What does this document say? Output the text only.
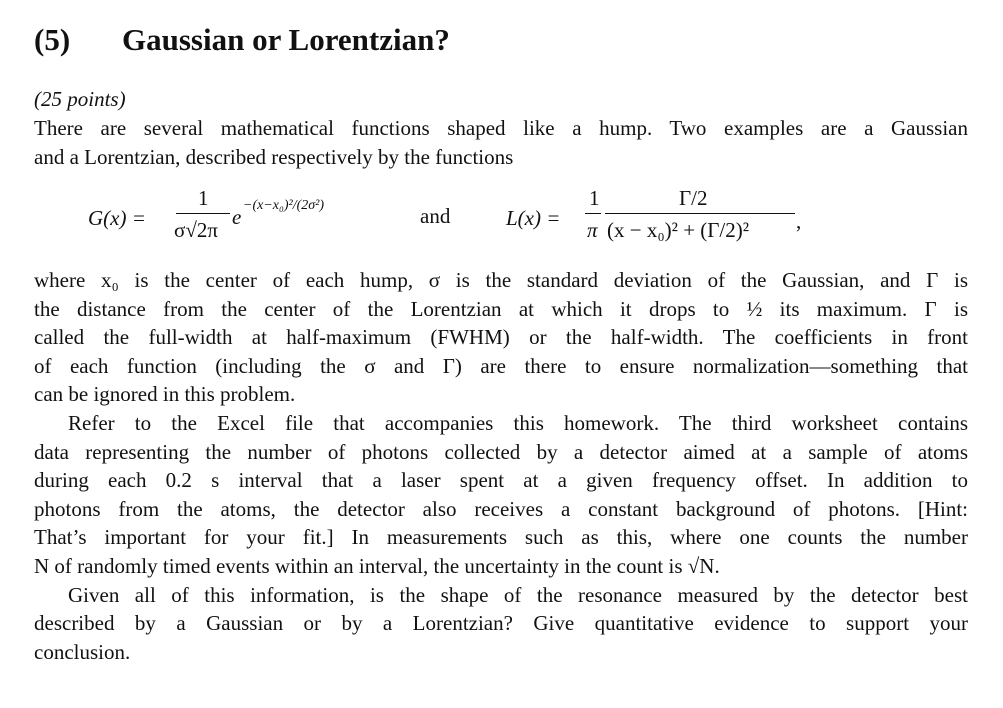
(5) Gaussian or Lorentzian?
(25 points)
There are several mathematical functions shaped like a hump. Two examples are a Gaussian
and a Lorentzian, described respectively by the functions
G(x) =
1
σ√2π
e −(x−x₀)²/(2σ²)	and	L(x) =
1
π
Γ/2
(x − x₀)² + (Γ/2)² ,
where x₀ is the center of each hump, σ is the standard deviation of the Gaussian, and Γ is
the distance from the center of the Lorentzian at which it drops to ½ its maximum. Γ is
called the full-width at half-maximum (FWHM) or the half-width. The coefficients in front
of each function (including the σ and Γ) are there to ensure normalization—something that
can be ignored in this problem.
Refer to the Excel file that accompanies this homework. The third worksheet contains
data representing the number of photons collected by a detector aimed at a sample of atoms
during each 0.2 s interval that a laser spent at a given frequency offset. In addition to
photons from the atoms, the detector also receives a constant background of photons. [Hint:
That’s important for your fit.] In measurements such as this, where one counts the number
N of randomly timed events within an interval, the uncertainty in the count is √N.
Given all of this information, is the shape of the resonance measured by the detector best
described by a Gaussian or by a Lorentzian? Give quantitative evidence to support your
conclusion.
